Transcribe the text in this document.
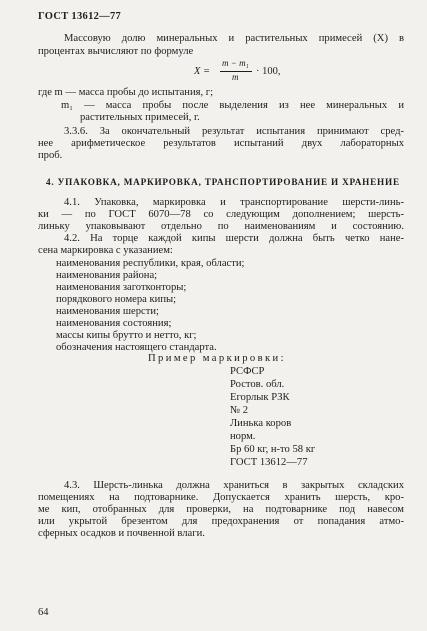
ГОСТ 13612—77
Массовую долю минеральных и растительных примесей (X) в
процентах вычисляют по формуле
X =
m − m₁
m · 100,
где m — масса пробы до испытания, г;
m₁ — масса пробы после выделения из нее минеральных и
растительных примесей, г.
3.3.6. За окончательный результат испытания принимают сред-
нее арифметическое результатов испытаний двух лабораторных
проб.
4. УПАКОВКА, МАРКИРОВКА, ТРАНСПОРТИРОВАНИЕ И ХРАНЕНИЕ
4.1. Упаковка, маркировка и транспортирование шерсти-линь-
ки — по ГОСТ 6070—78 со следующим дополнением; шерсть-
линьку упаковывают отдельно по наименованиям и состоянию.
4.2. На торце каждой кипы шерсти должна быть четко нане-
сена маркировка с указанием:
наименования республики, края, области;
наименования района;
наименования заготконторы;
порядкового номера кипы;
наименования шерсти;
наименования состояния;
массы кипы брутто и нетто, кг;
обозначения настоящего стандарта.
Пример маркировки:
РСФСР
Ростов. обл.
Егорлык РЗК
№ 2
Линька коров
норм.
Бр 60 кг, н-то 58 кг
ГОСТ 13612—77
4.3. Шерсть-линька должна храниться в закрытых складских
помещениях на подтоварнике. Допускается хранить шерсть, кро-
ме кип, отобранных для проверки, на подтоварнике под навесом
или укрытой брезентом для предохранения от попадания атмо-
сферных осадков и почвенной влаги.
64
